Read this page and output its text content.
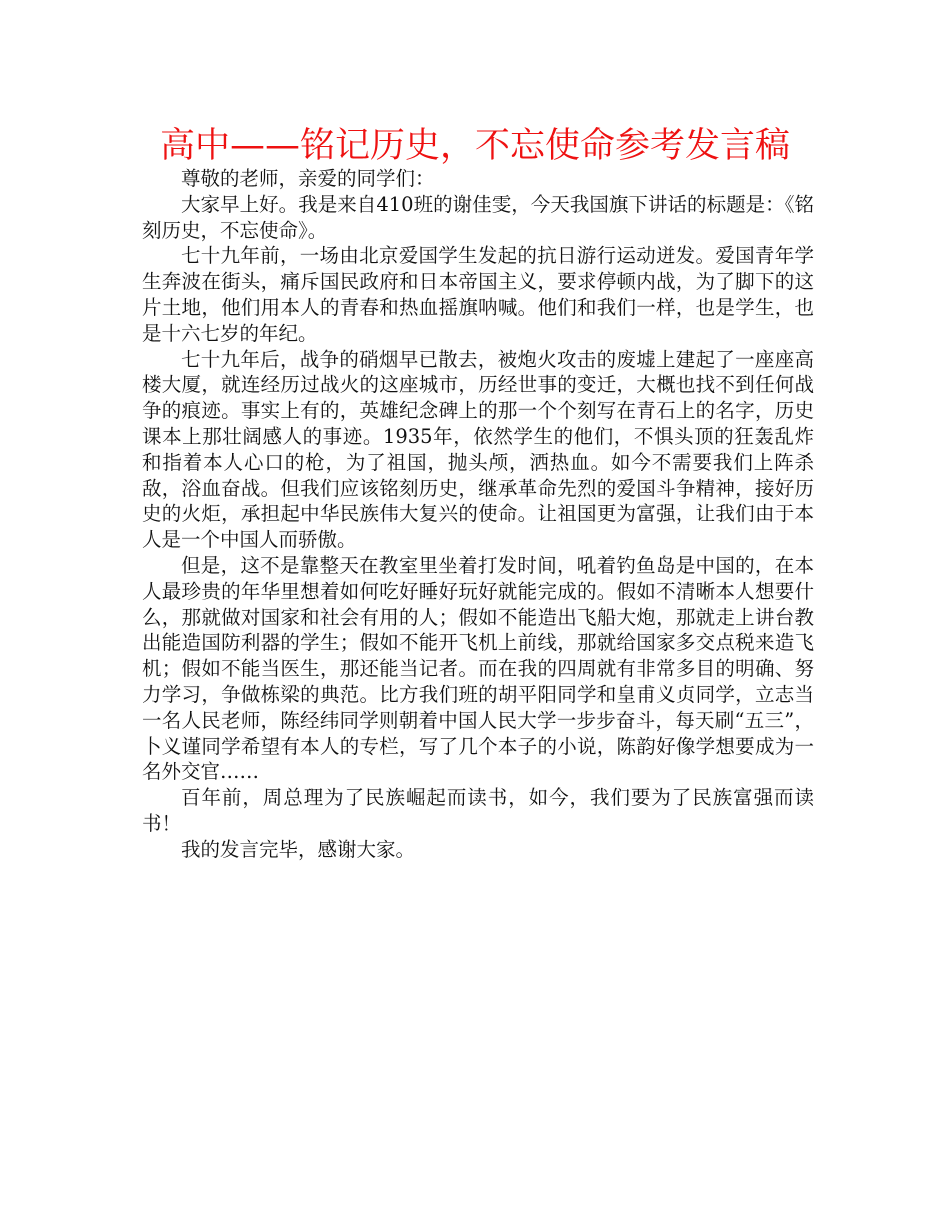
高中——铭记历史，不忘使命参考发言稿

尊敬的老师，亲爱的同学们：

大家早上好。我是来自410班的谢佳雯，今天我国旗下讲话的标题是：《铭刻历史，不忘使命》。

七十九年前，一场由北京爱国学生发起的抗日游行运动迸发。爱国青年学生奔波在街头，痛斥国民政府和日本帝国主义，要求停顿内战，为了脚下的这片土地，他们用本人的青春和热血摇旗呐喊。他们和我们一样，也是学生，也是十六七岁的年纪。

七十九年后，战争的硝烟早已散去，被炮火攻击的废墟上建起了一座座高楼大厦，就连经历过战火的这座城市，历经世事的变迁，大概也找不到任何战争的痕迹。事实上有的，英雄纪念碑上的那一个个刻写在青石上的名字，历史课本上那壮阔感人的事迹。1935年，依然学生的他们，不惧头顶的狂轰乱炸和指着本人心口的枪，为了祖国，抛头颅，洒热血。如今不需要我们上阵杀敌，浴血奋战。但我们应该铭刻历史，继承革命先烈的爱国斗争精神，接好历史的火炬，承担起中华民族伟大复兴的使命。让祖国更为富强，让我们由于本人是一个中国人而骄傲。

但是，这不是靠整天在教室里坐着打发时间，吼着钓鱼岛是中国的，在本人最珍贵的年华里想着如何吃好睡好玩好就能完成的。假如不清晰本人想要什么，那就做对国家和社会有用的人；假如不能造出飞船大炮，那就走上讲台教出能造国防利器的学生；假如不能开飞机上前线，那就给国家多交点税来造飞机；假如不能当医生，那还能当记者。而在我的四周就有非常多目的明确、努力学习，争做栋梁的典范。比方我们班的胡平阳同学和皇甫义贞同学，立志当一名人民老师，陈经纬同学则朝着中国人民大学一步步奋斗，每天刷“五三”，卜义谨同学希望有本人的专栏，写了几个本子的小说，陈韵好像学想要成为一名外交官……

百年前，周总理为了民族崛起而读书，如今，我们要为了民族富强而读书！

我的发言完毕，感谢大家。
